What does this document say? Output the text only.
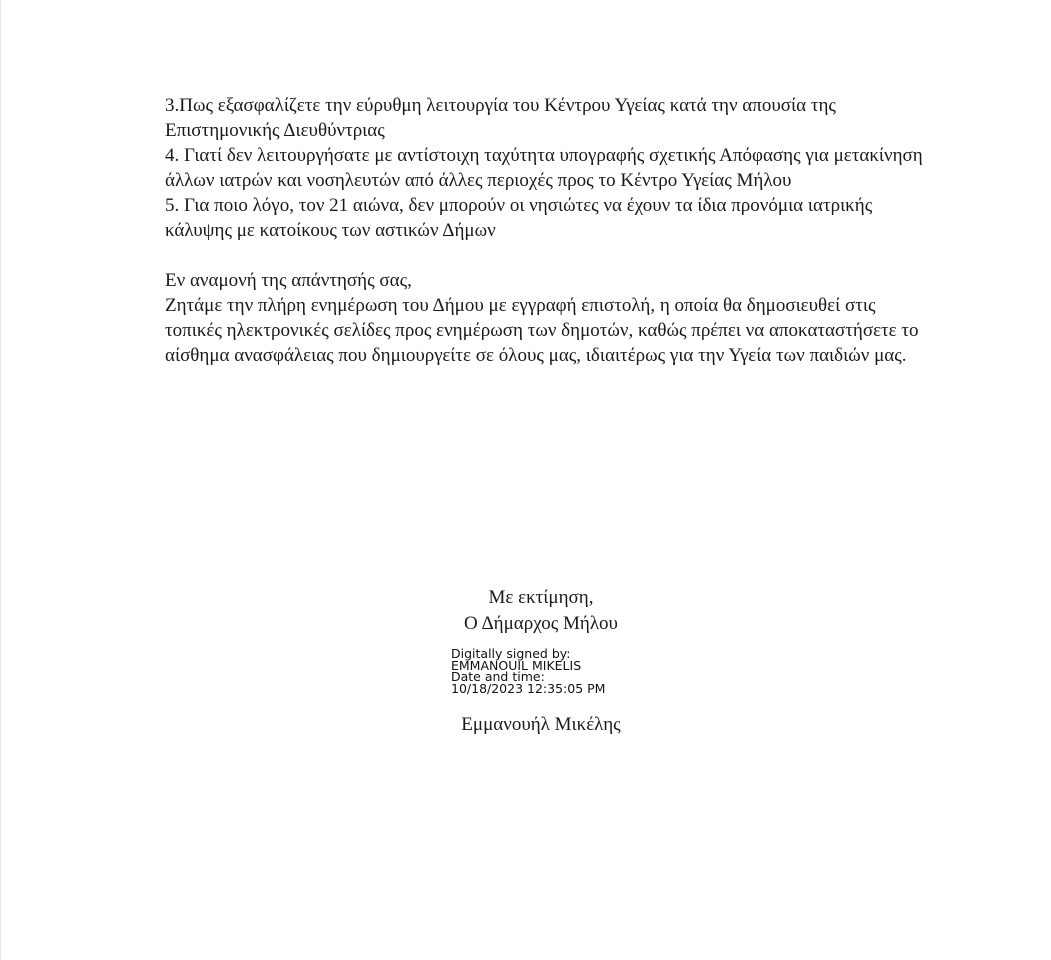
3.Πως εξασφαλίζετε την εύρυθμη λειτουργία του Κέντρου Υγείας κατά την απουσία της Επιστημονικής Διευθύντριας

4. Γιατί δεν λειτουργήσατε με αντίστοιχη ταχύτητα υπογραφής σχετικής Απόφασης για μετακίνηση άλλων ιατρών και νοσηλευτών από άλλες περιοχές προς το Κέντρο Υγείας Μήλου

5. Για ποιο λόγο, τον 21 αιώνα, δεν μπορούν οι νησιώτες να έχουν τα ίδια προνόμια ιατρικής κάλυψης με κατοίκους των αστικών Δήμων

Εν αναμονή της απάντησής σας,

Ζητάμε την πλήρη ενημέρωση του Δήμου με εγγραφή επιστολή, η οποία θα δημοσιευθεί στις τοπικές ηλεκτρονικές σελίδες προς ενημέρωση των δημοτών, καθώς πρέπει να αποκαταστήσετε το αίσθημα ανασφάλειας που δημιουργείτε σε όλους μας, ιδιαιτέρως για την Υγεία των παιδιών μας.

Με εκτίμηση,

Ο Δήμαρχος Μήλου

Digitally signed by:
EMMANOUIL MIKELIS
Date and time:
10/18/2023 12:35:05 PM
Εμμανουήλ Μικέλης
